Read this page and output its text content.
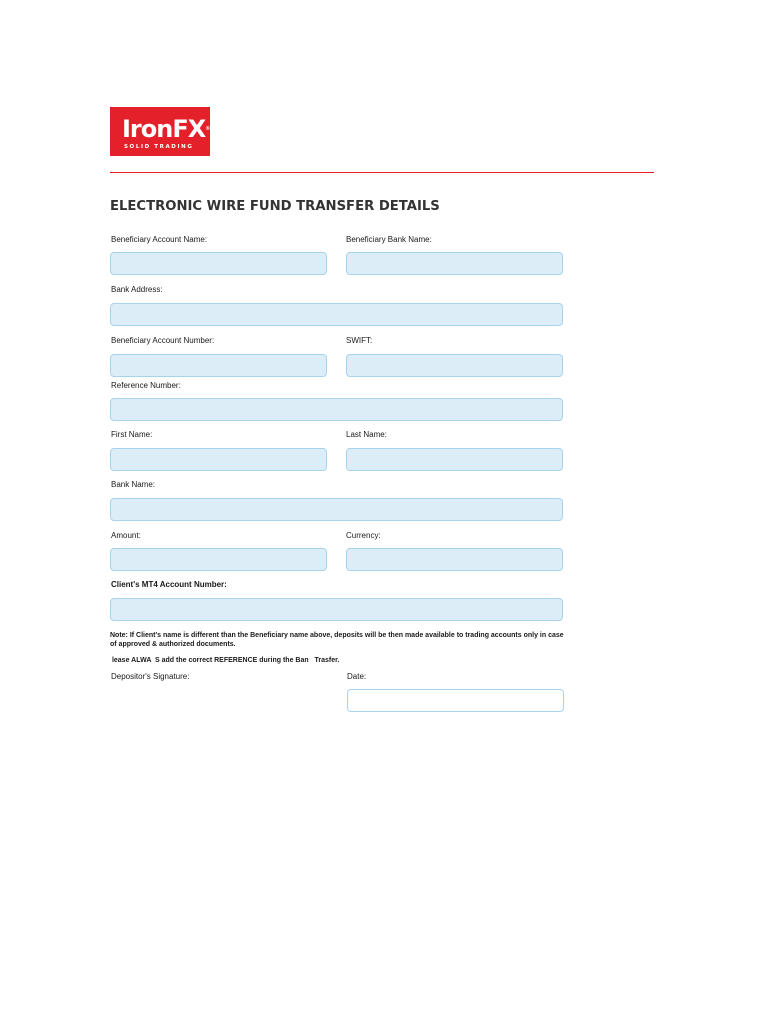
IronFX®
SOLID TRADING
ELECTRONIC WIRE FUND TRANSFER DETAILS
Beneficiary Account Name:	Beneficiary Bank Name:
Bank Address:
Beneficiary Account Number:	SWIFT:
Reference Number:
First Name:	Last Name:
Bank Name:
Amount:	Currency:
Client's MT4 Account Number:
Note: If Client's name is different than the Beneficiary name above, deposits will be then made available to trading accounts only in case of approved & authorized documents.
lease ALWA  S add the correct REFERENCE during the Ban   Trasfer.
Depositor's Signature:	Date:
